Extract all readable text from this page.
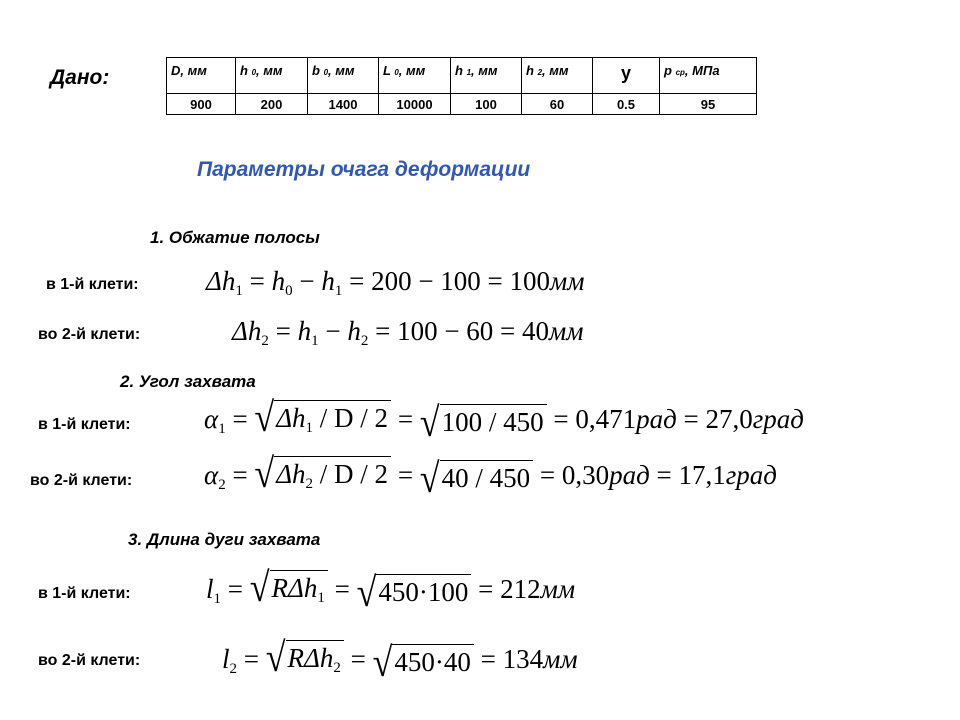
Дано:	D, мм	h 0, мм	b 0, мм	L 0, мм	h 1, мм	h 2, мм	y	p ср, МПа
900	200	1400	10000	100	60	0.5	95
Параметры очага деформации
1. Обжатие полосы
в 1-й клети: $\Delta h_1 = h_0 - h_1 = 200 - 100 = 100мм$
во 2-й клети:	$\Delta h_2 = h_1 - h_2 = 100 - 60 = 40мм$
2. Угол захвата
в 1-й клети:	$\alpha_1$ = √ $\Delta h_1$ / D / 2 = √ 100 / 450 = 0,471рад = 27,0град
во 2-й клети:	$\alpha_2$ = √ $\Delta h_2$ / D / 2 = √ 40 / 450 = 0,30рад = 17,1град
3. Длина дуги захвата
в 1-й клети:	$l_1$ = √ RΔh$_1$ = √ 450·100 = 212мм
во 2-й клети:	$l_2$ = √ RΔh$_2$ = √ 450·40 = 134мм
